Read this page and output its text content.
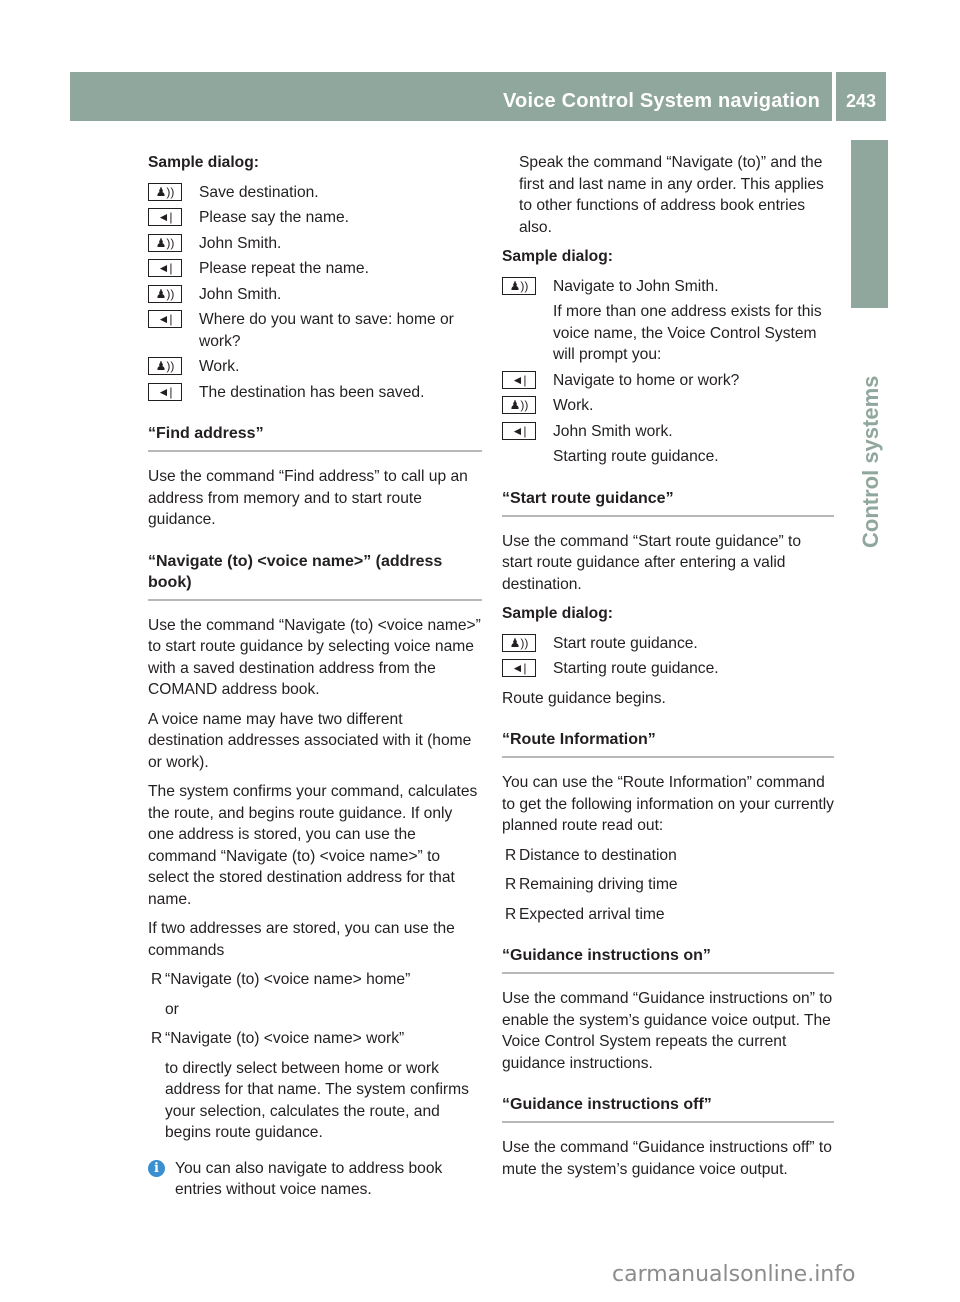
Voice Control System navigation	243
Control systems

Sample dialog:

♟))	Save destination.
◄|	Please say the name.
♟))	John Smith.
◄|	Please repeat the name.
♟))	John Smith.
◄|	Where do you want to save: home or work?
♟))	Work.
◄|	The destination has been saved.
“Find address”

Use the command “Find address” to call up an address from memory and to start route guidance.

“Navigate (to) <voice name>” (address book)

Use the command “Navigate (to) <voice name>” to start route guidance by selecting voice name with a saved destination address from the COMAND address book.

A voice name may have two different destination addresses associated with it (home or work).

The system confirms your command, calculates the route, and begins route guidance. If only one address is stored, you can use the command “Navigate (to) <voice name>” to select the stored destination address for that name.

If two addresses are stored, you can use the commands

R “Navigate (to) <voice name> home”
or
R “Navigate (to) <voice name> work”
to directly select between home or work address for that name. The system confirms your selection, calculates the route, and begins route guidance.
i	You can also navigate to address book entries without voice names.

Speak the command “Navigate (to)” and the first and last name in any order. This applies to other functions of address book entries also.

Sample dialog:

♟))	Navigate to John Smith.
If more than one address exists for this voice name, the Voice Control System will prompt you:
◄|	Navigate to home or work?
♟))	Work.
◄|	John Smith work.
Starting route guidance.
“Start route guidance”

Use the command “Start route guidance” to start route guidance after entering a valid destination.

Sample dialog:

♟))	Start route guidance.
◄|	Starting route guidance.

Route guidance begins.

“Route Information”

You can use the “Route Information” command to get the following information on your currently planned route read out:

R Distance to destination
R Remaining driving time
R Expected arrival time
“Guidance instructions on”

Use the command “Guidance instructions on” to enable the system’s guidance voice output. The Voice Control System repeats the current guidance instructions.

“Guidance instructions off”

Use the command “Guidance instructions off” to mute the system’s guidance voice output.

carmanualsonline.info
